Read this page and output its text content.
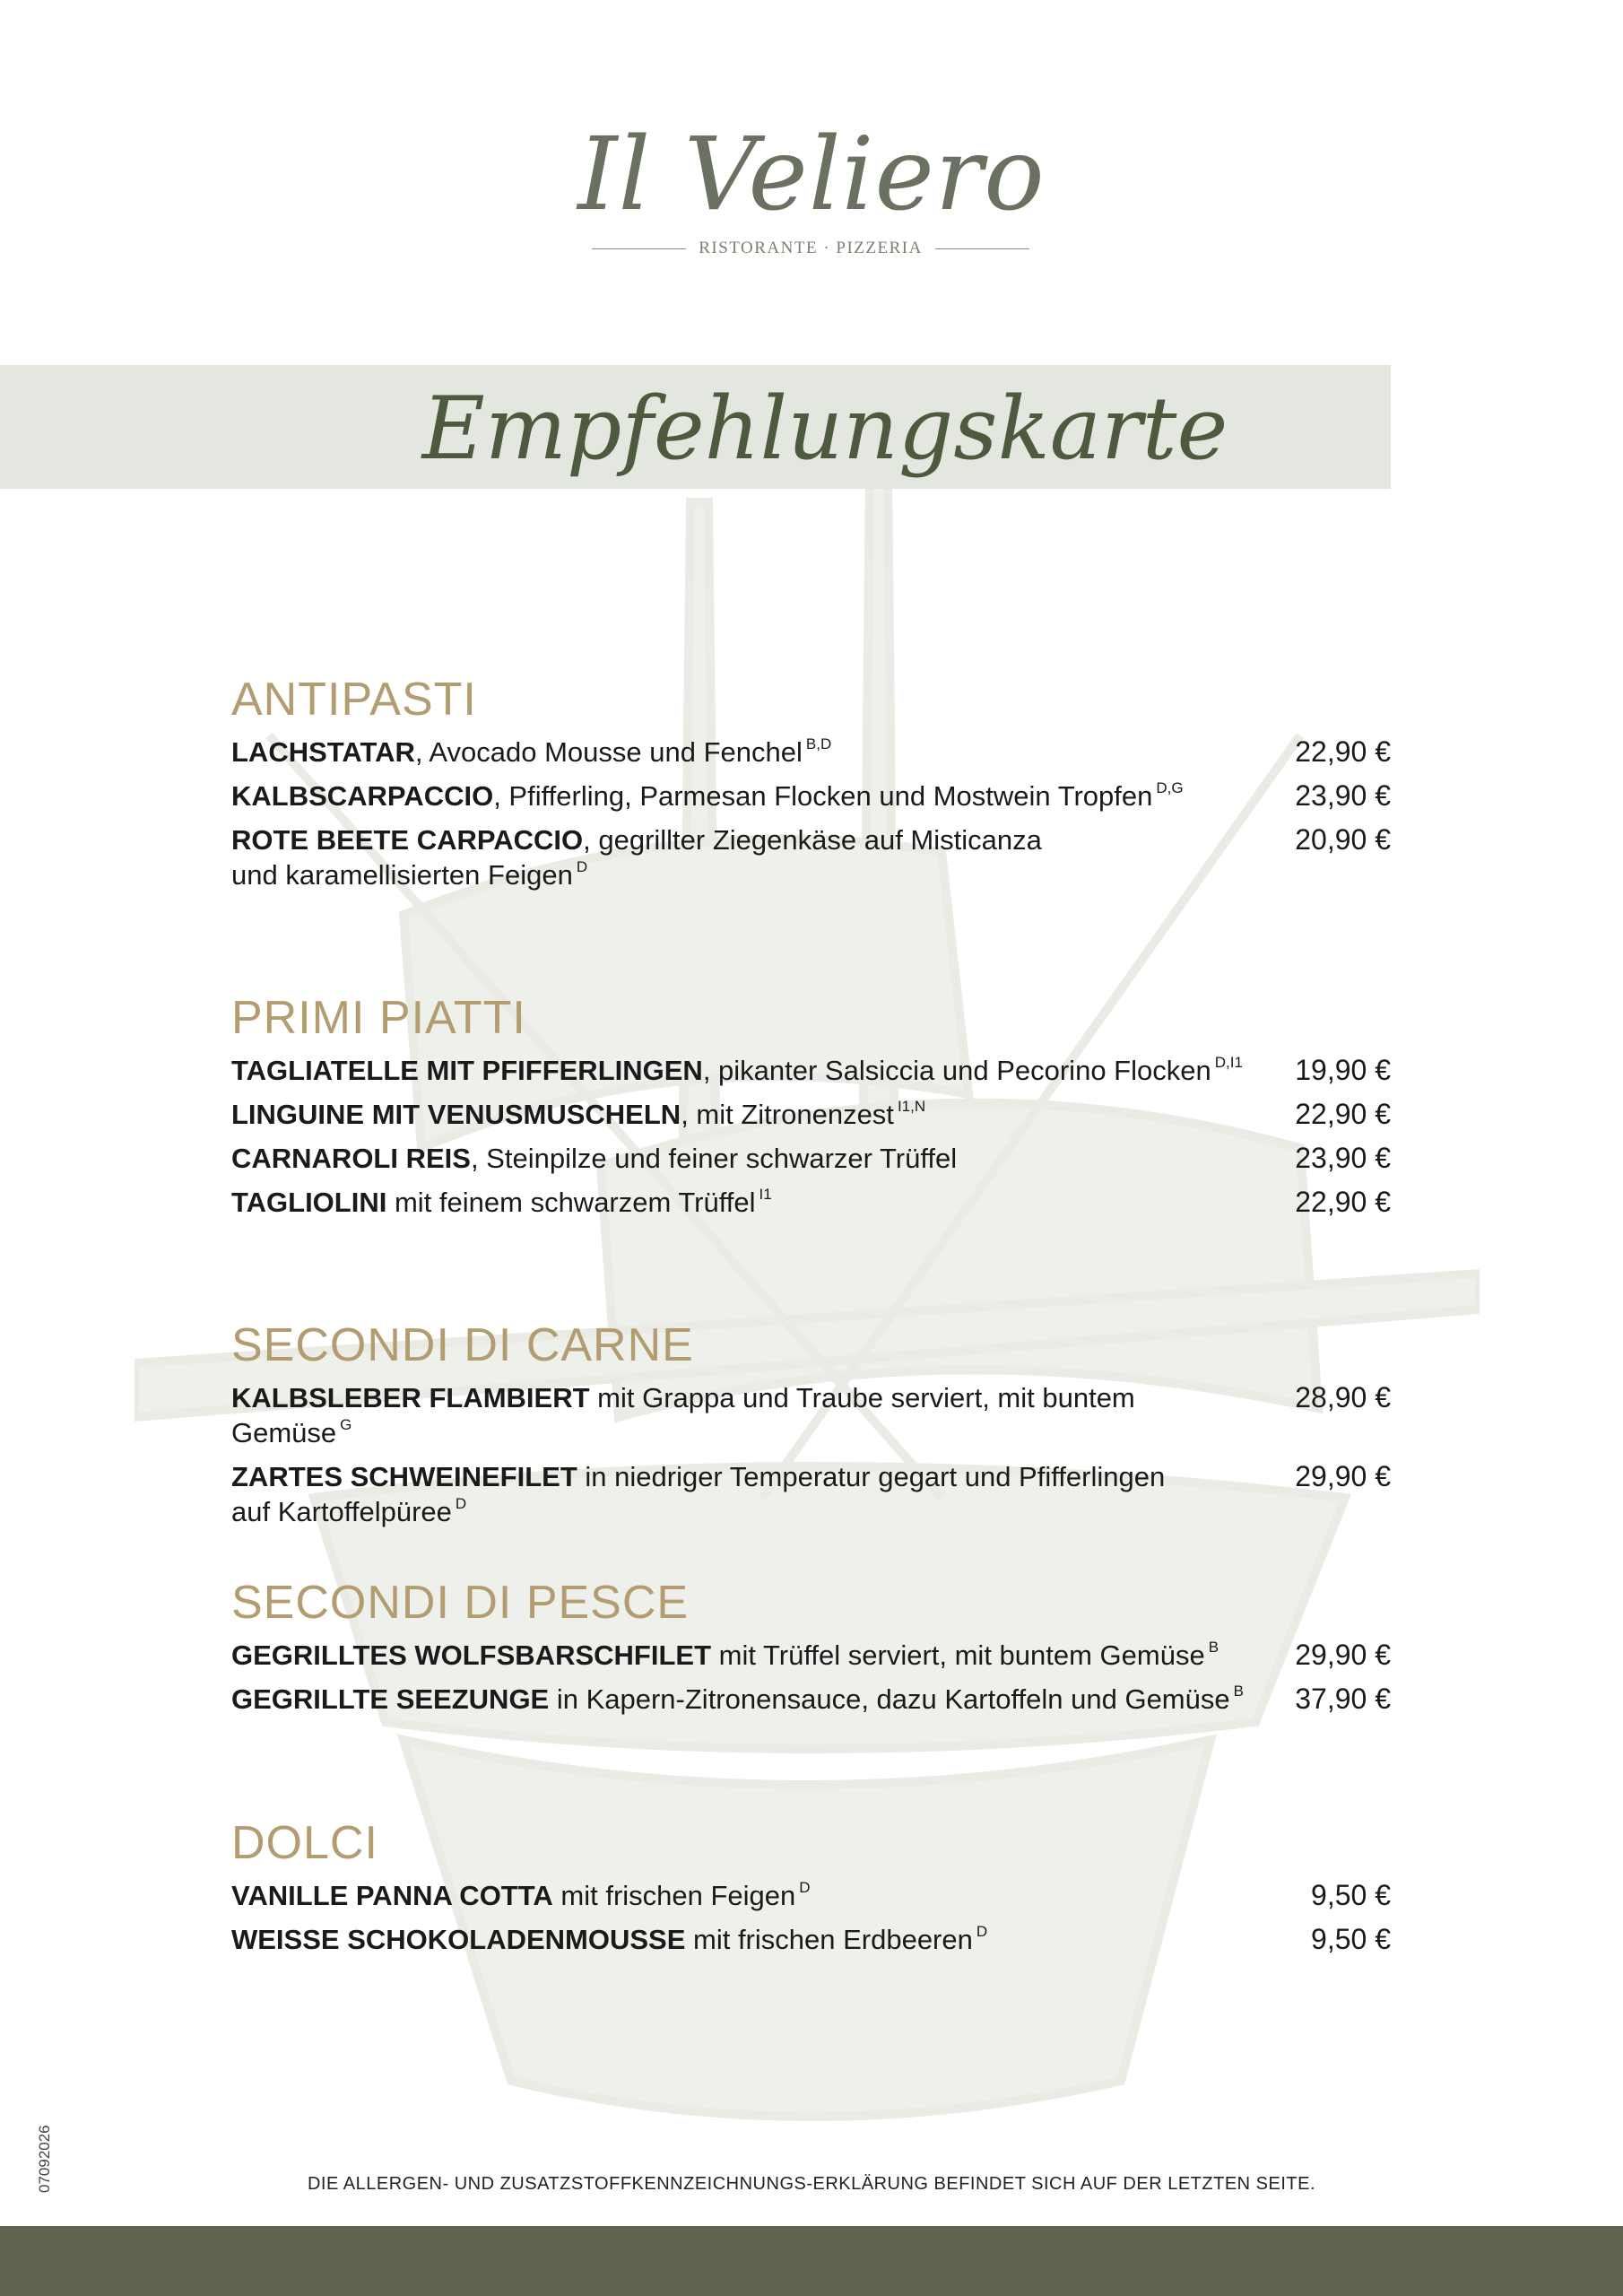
Il Veliero
RISTORANTE · PIZZERIA
Empfehlungskarte
ANTIPASTI
LACHSTATAR, Avocado Mousse und Fenchel $^{B,D}$	22,90 €
KALBSCARPACCIO, Pfifferling, Parmesan Flocken und Mostwein Tropfen $^{D,G}$	23,90 €
ROTE BEETE CARPACCIO, gegrillter Ziegenkäse auf Misticanza
und karamellisierten Feigen $^D$
20,90 €
PRIMI PIATTI
TAGLIATELLE MIT PFIFFERLINGEN, pikanter Salsiccia und Pecorino Flocken $^{D,I1}$ 19,90 €
LINGUINE MIT VENUSMUSCHELN, mit Zitronenzest $^{I1,N}$	22,90 €
CARNAROLI REIS, Steinpilze und feiner schwarzer Trüffel	23,90 €
TAGLIOLINI mit feinem schwarzem Trüffel $^{I1}$	22,90 €
SECONDI DI CARNE
KALBSLEBER FLAMBIERT mit Grappa und Traube serviert, mit buntem Gemüse $^G$
28,90 €
ZARTES SCHWEINEFILET in niedriger Temperatur gegart und Pfifferlingen
auf Kartoffelpüree $^D$
29,90 €
SECONDI DI PESCE
GEGRILLTES WOLFSBARSCHFILET mit Trüffel serviert, mit buntem Gemüse $^B$	29,90 €
GEGRILLTE SEEZUNGE in Kapern-Zitronensauce, dazu Kartoffeln und Gemüse $^B$ 37,90 €
DOLCI
VANILLE PANNA COTTA mit frischen Feigen $^D$	9,50 €
WEISSE SCHOKOLADENMOUSSE mit frischen Erdbeeren $^D$	9,50 €
DIE ALLERGEN- UND ZUSATZSTOFFKENNZEICHNUNGS-ERKLÄRUNG BEFINDET SICH AUF DER LETZTEN SEITE.
07092026
